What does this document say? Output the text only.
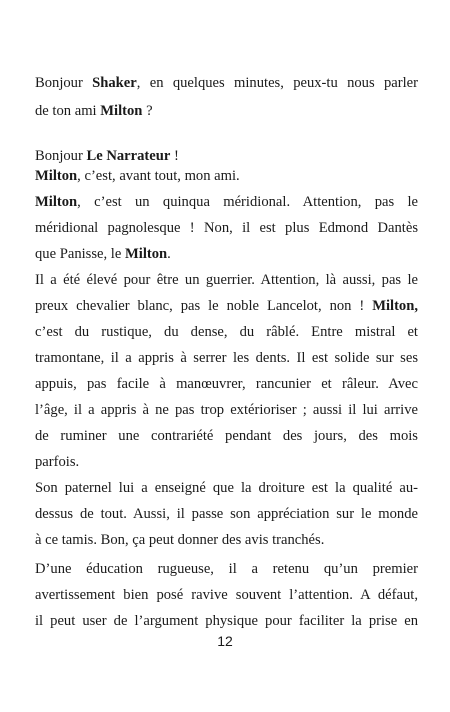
Bonjour Shaker, en quelques minutes, peux-tu nous parler
de ton ami Milton ?
Bonjour Le Narrateur !
Milton, c’est, avant tout, mon ami.
Milton, c’est un quinqua méridional. Attention, pas le
méridional pagnolesque ! Non, il est plus Edmond Dantès
que Panisse, le Milton.
Il a été élevé pour être un guerrier. Attention, là aussi, pas le
preux chevalier blanc, pas le noble Lancelot, non ! Milton,
c’est du rustique, du dense, du râblé. Entre mistral et
tramontane, il a appris à serrer les dents. Il est solide sur ses
appuis, pas facile à manœuvrer, rancunier et râleur. Avec
l’âge, il a appris à ne pas trop extérioriser ; aussi il lui arrive
de ruminer une contrariété pendant des jours, des mois
parfois.
Son paternel lui a enseigné que la droiture est la qualité au-
dessus de tout. Aussi, il passe son appréciation sur le monde
à ce tamis. Bon, ça peut donner des avis tranchés.
D’une éducation rugueuse, il a retenu qu’un premier
avertissement bien posé ravive souvent l’attention. A défaut,
il peut user de l’argument physique pour faciliter la prise en
12
